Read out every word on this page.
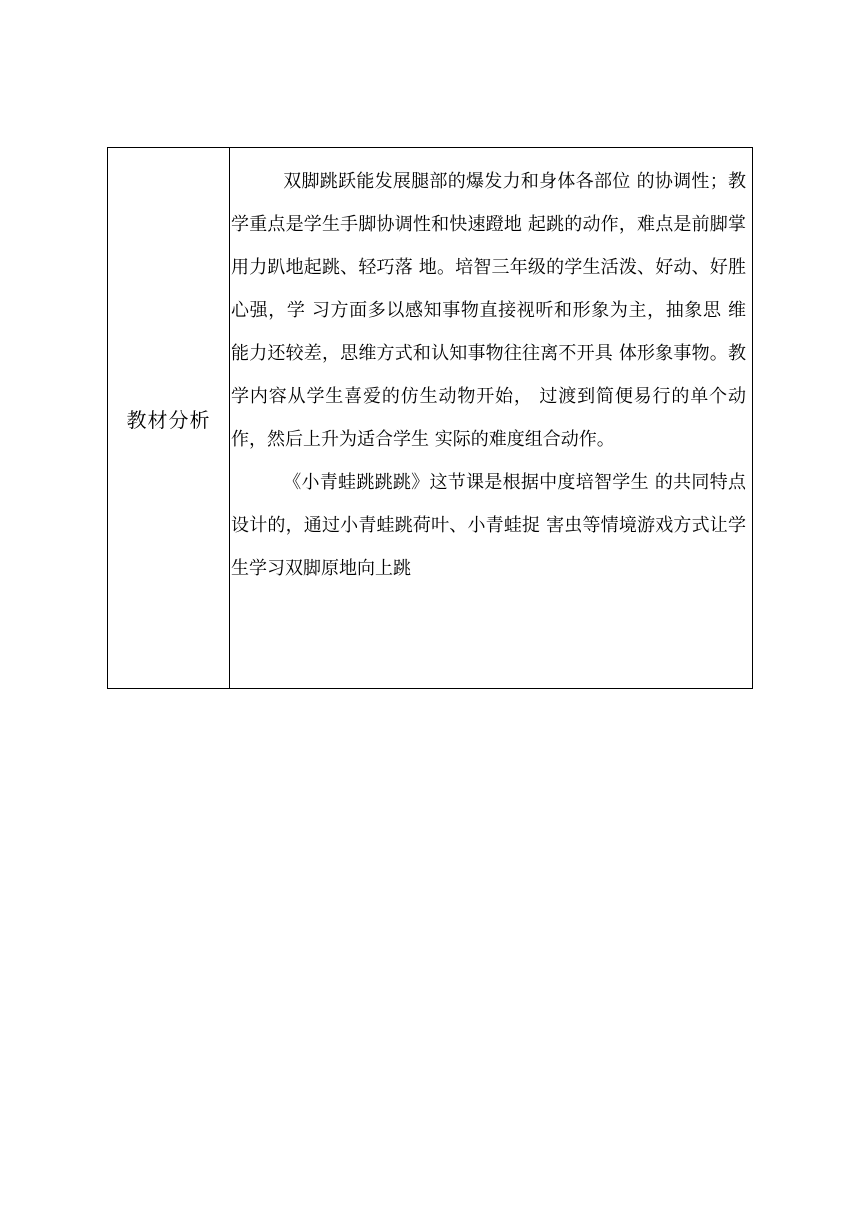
教材分析

双脚跳跃能发展腿部的爆发力和身体各部位 的协调性；教学重点是学生手脚协调性和快速蹬地 起跳的动作，难点是前脚掌用力趴地起跳、轻巧落 地。培智三年级的学生活泼、好动、好胜心强，学 习方面多以感知事物直接视听和形象为主，抽象思 维能力还较差，思维方式和认知事物往往离不开具 体形象事物。教学内容从学生喜爱的仿生动物开始， 过渡到简便易行的单个动作，然后上升为适合学生 实际的难度组合动作。

《小青蛙跳跳跳》这节课是根据中度培智学生 的共同特点设计的，通过小青蛙跳荷叶、小青蛙捉 害虫等情境游戏方式让学生学习双脚原地向上跳
